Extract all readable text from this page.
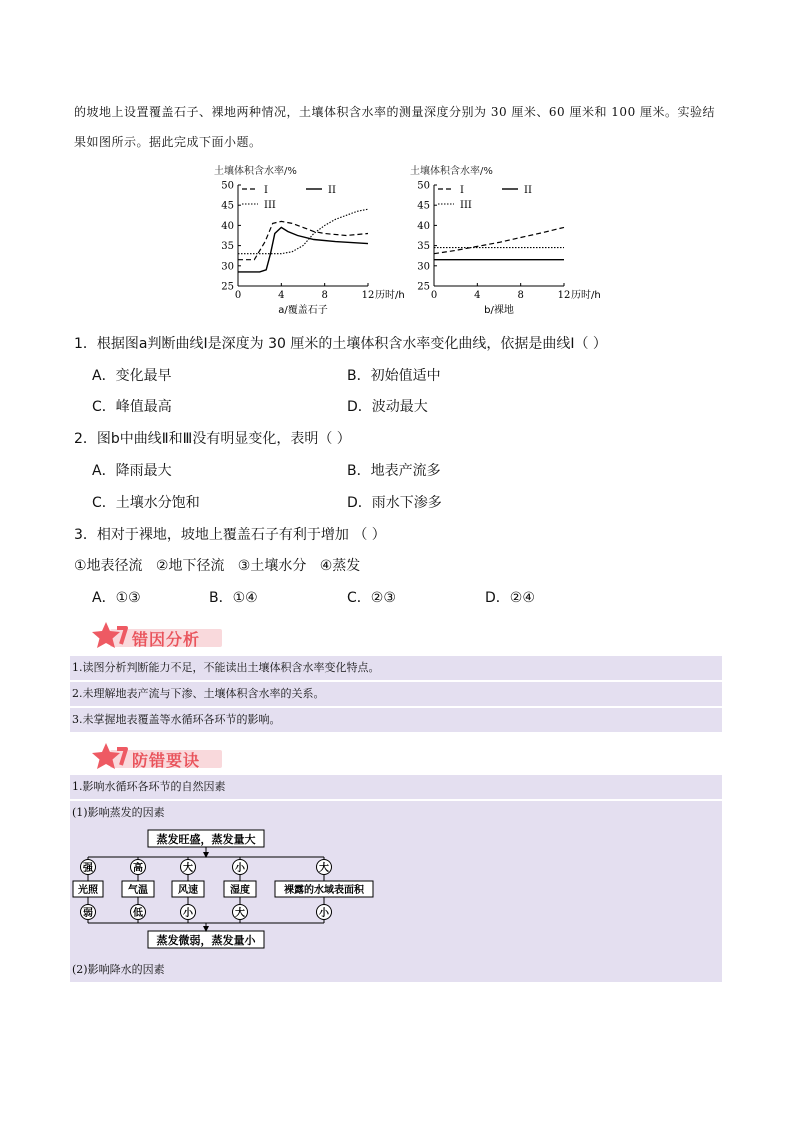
的坡地上设置覆盖石子、裸地两种情况，土壤体积含水率的测量深度分别为 30 厘米、60 厘米和 100 厘米。实验结果如图所示。据此完成下面小题。
土壤体积含水率/%
25
30
35
40
45
50
0	4	8	12 历时/h
a/覆盖石子
I	II
III
土壤体积含水率/%
25
30
35
40
45
50
0	4	8	12 历时/h
b/裸地
I	II
III
1．根据图a判断曲线Ⅰ是深度为 30 厘米的土壤体积含水率变化曲线，依据是曲线Ⅰ（ ）
A．变化最早	B．初始值适中
C．峰值最高	D．波动最大
2．图b中曲线Ⅱ和Ⅲ没有明显变化，表明（ ）
A．降雨最大	B．地表产流多
C．土壤水分饱和	D．雨水下渗多
3．相对于裸地，坡地上覆盖石子有利于增加 （ ）
①地表径流   ②地下径流   ③土壤水分   ④蒸发
A．①③	B．①④	C．②③	D．②④
错因分析
1.读图分析判断能力不足，不能读出土壤体积含水率变化特点。
2.未理解地表产流与下渗、土壤体积含水率的关系。
3.未掌握地表覆盖等水循环各环节的影响。
防错要诀
1.影响水循环各环节的自然因素
(1)影响蒸发的因素
蒸发旺盛，蒸发量大
蒸发微弱，蒸发量小
强
光照
弱
高
气温
低
大
风速
小
小
湿度
大
大
裸露的水域表面积
小
(2)影响降水的因素
